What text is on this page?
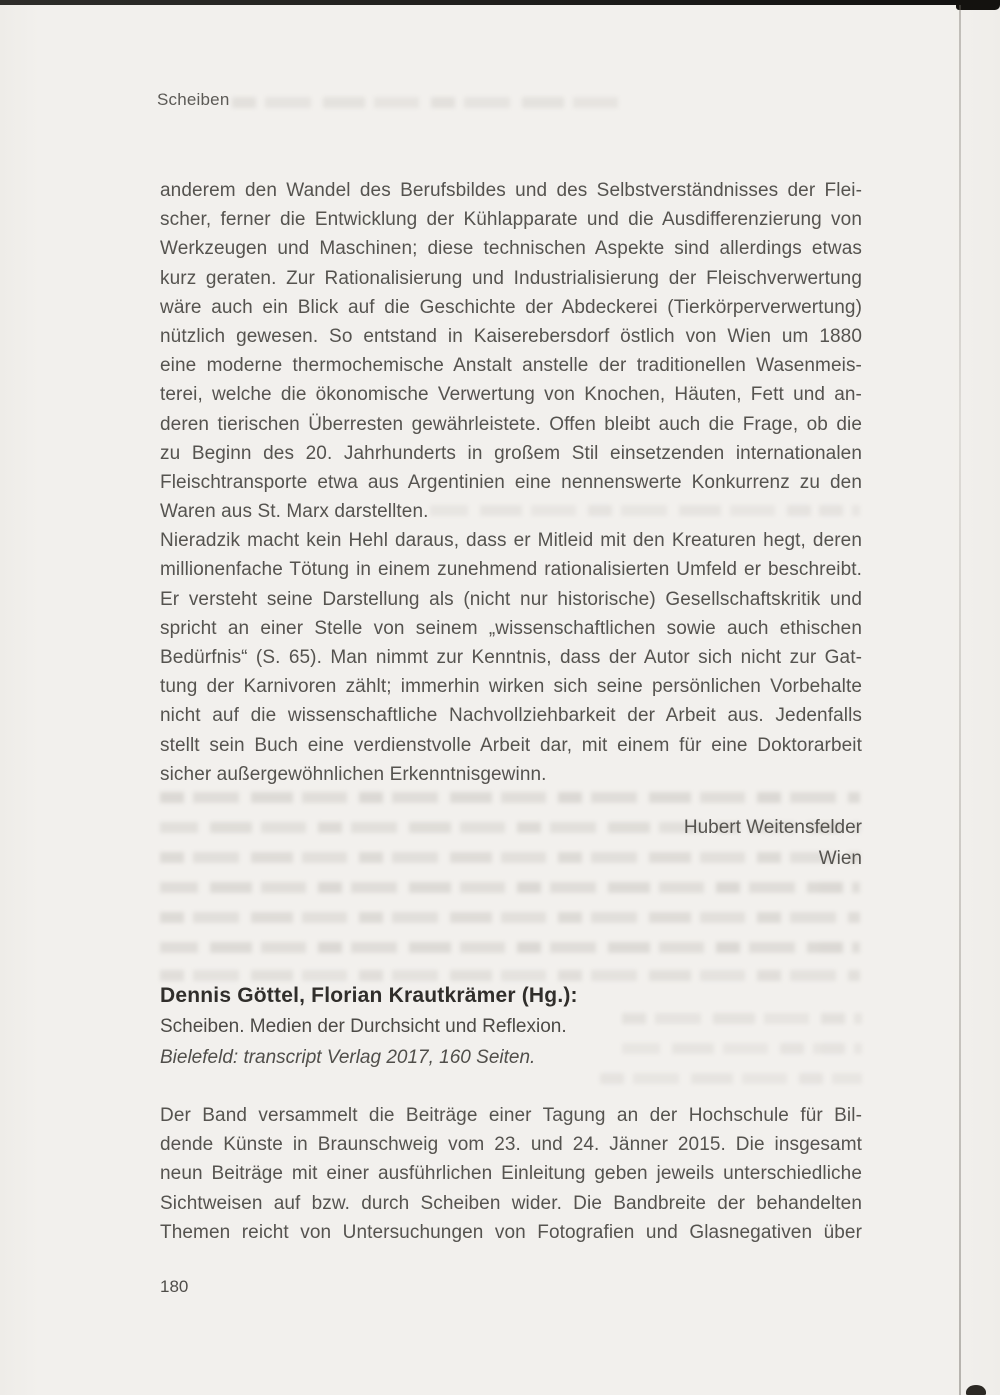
Scheiben
anderem den Wandel des Berufsbildes und des Selbstverständnisses der Flei-
scher, ferner die Entwicklung der Kühlapparate und die Ausdifferenzierung von
Werkzeugen und Maschinen; diese technischen Aspekte sind allerdings etwas
kurz geraten. Zur Rationalisierung und Industrialisierung der Fleischverwertung
wäre auch ein Blick auf die Geschichte der Abdeckerei (Tierkörperverwertung)
nützlich gewesen. So entstand in Kaiserebersdorf östlich von Wien um 1880
eine moderne thermochemische Anstalt anstelle der traditionellen Wasenmeis-
terei, welche die ökonomische Verwertung von Knochen, Häuten, Fett und an-
deren tierischen Überresten gewährleistete. Offen bleibt auch die Frage, ob die
zu Beginn des 20. Jahrhunderts in großem Stil einsetzenden internationalen
Fleischtransporte etwa aus Argentinien eine nennenswerte Konkurrenz zu den
Waren aus St. Marx darstellten.
Nieradzik macht kein Hehl daraus, dass er Mitleid mit den Kreaturen hegt, deren
millionenfache Tötung in einem zunehmend rationalisierten Umfeld er beschreibt.
Er versteht seine Darstellung als (nicht nur historische) Gesellschaftskritik und
spricht an einer Stelle von seinem „wissenschaftlichen sowie auch ethischen
Bedürfnis“ (S. 65). Man nimmt zur Kenntnis, dass der Autor sich nicht zur Gat-
tung der Karnivoren zählt; immerhin wirken sich seine persönlichen Vorbehalte
nicht auf die wissenschaftliche Nachvollziehbarkeit der Arbeit aus. Jedenfalls
stellt sein Buch eine verdienstvolle Arbeit dar, mit einem für eine Doktorarbeit
sicher außergewöhnlichen Erkenntnisgewinn.
Hubert Weitensfelder
Wien
Dennis Göttel, Florian Krautkrämer (Hg.):
Scheiben. Medien der Durchsicht und Reflexion.
Bielefeld: transcript Verlag 2017, 160 Seiten.
Der Band versammelt die Beiträge einer Tagung an der Hochschule für Bil-
dende Künste in Braunschweig vom 23. und 24. Jänner 2015. Die insgesamt
neun Beiträge mit einer ausführlichen Einleitung geben jeweils unterschiedliche
Sichtweisen auf bzw. durch Scheiben wider. Die Bandbreite der behandelten
Themen reicht von Untersuchungen von Fotografien und Glasnegativen über
180
